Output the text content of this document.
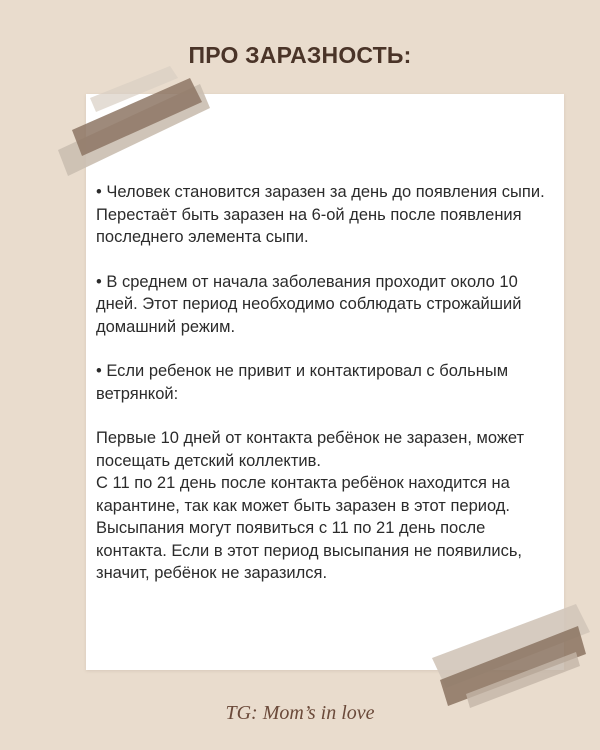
ПРО ЗАРАЗНОСТЬ:

• Человек становится заразен за день до появления сыпи. Перестаёт быть заразен на 6-ой день после появления последнего элемента сыпи.

• В среднем от начала заболевания проходит около 10 дней. Этот период необходимо соблюдать строжайший домашний режим.

• Если ребенок не привит и контактировал с больным ветрянкой:

Первые 10 дней от контакта ребёнок не заразен, может посещать детский коллектив.

С 11 по 21 день после контакта ребёнок находится на карантине, так как может быть заразен в этот период.

Высыпания могут появиться с 11 по 21 день после контакта. Если в этот период высыпания не появились, значит, ребёнок не заразился.

TG: Mom’s in love
